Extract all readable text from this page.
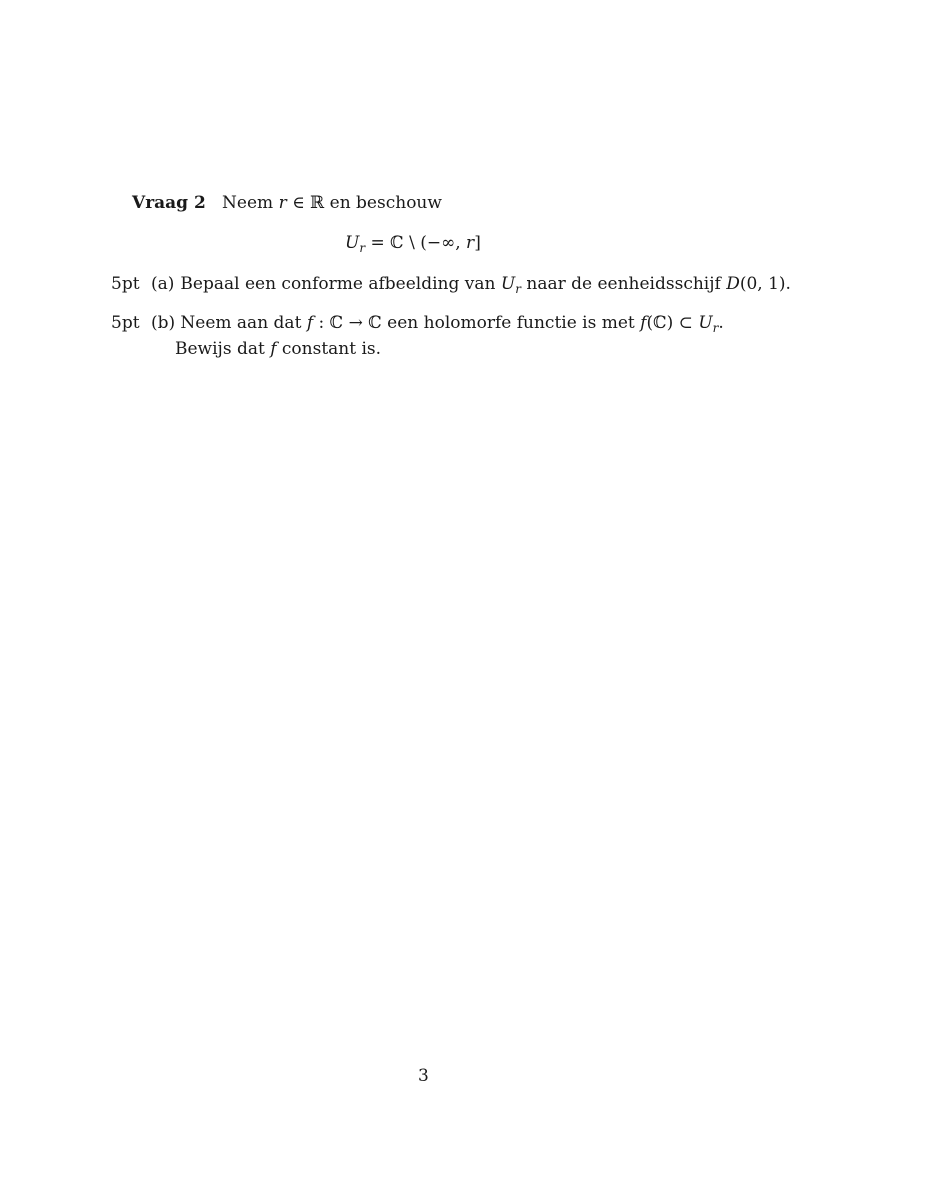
Vraag 2 Neem r ∈ ℝ en beschouw
$U_r$ = ℂ \ (−∞, r]
5pt (a) Bepaal een conforme afbeelding van $U_r$ naar de eenheidsschijf D(0, 1).
5pt (b) Neem aan dat f : ℂ → ℂ een holomorfe functie is met f(ℂ) ⊂ $U_r$.
Bewijs dat f constant is.
3
